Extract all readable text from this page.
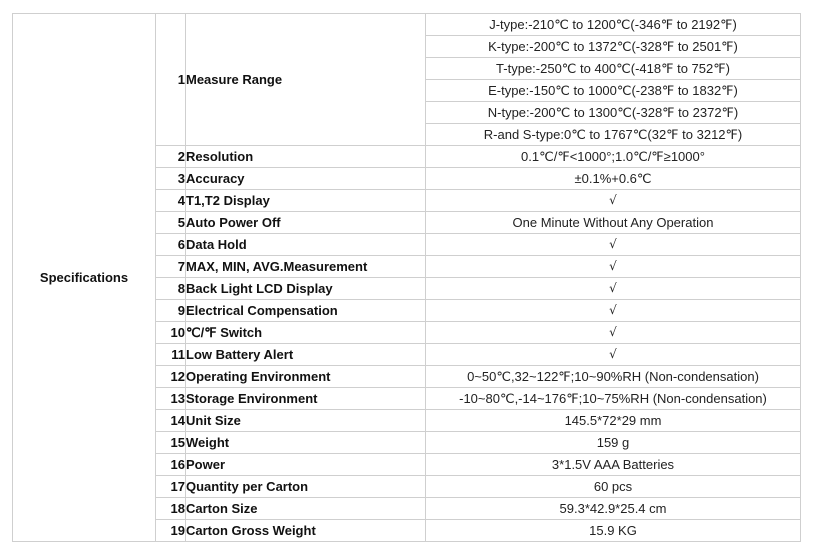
Specifications	1	Measure Range	J-type:-210℃ to 1200℃(-346℉ to 2192℉)
			K-type:-200℃ to 1372℃(-328℉ to 2501℉)
			T-type:-250℃ to 400℃(-418℉ to 752℉)
			E-type:-150℃ to 1000℃(-238℉ to 1832℉)
			N-type:-200℃ to 1300℃(-328℉ to 2372℉)
			R-and S-type:0℃ to 1767℃(32℉ to 3212℉)
	2	Resolution	0.1℃/℉<1000°;1.0℃/℉≥1000°
	3	Accuracy	±0.1%+0.6℃
	4	T1,T2 Display	√
	5	Auto Power Off	One Minute Without Any Operation
	6	Data Hold	√
	7	MAX, MIN, AVG.Measurement	√
	8	Back Light LCD Display	√
	9	Electrical Compensation	√
	10	℃/℉ Switch	√
	11	Low Battery Alert	√
	12	Operating Environment	0~50℃,32~122℉;10~90%RH (Non-condensation)
	13	Storage Environment	-10~80℃,-14~176℉;10~75%RH (Non-condensation)
	14	Unit Size	145.5*72*29 mm
	15	Weight	159 g
	16	Power	3*1.5V AAA Batteries
	17	Quantity per Carton	60 pcs
	18	Carton Size	59.3*42.9*25.4 cm
	19	Carton Gross Weight	15.9 KG
